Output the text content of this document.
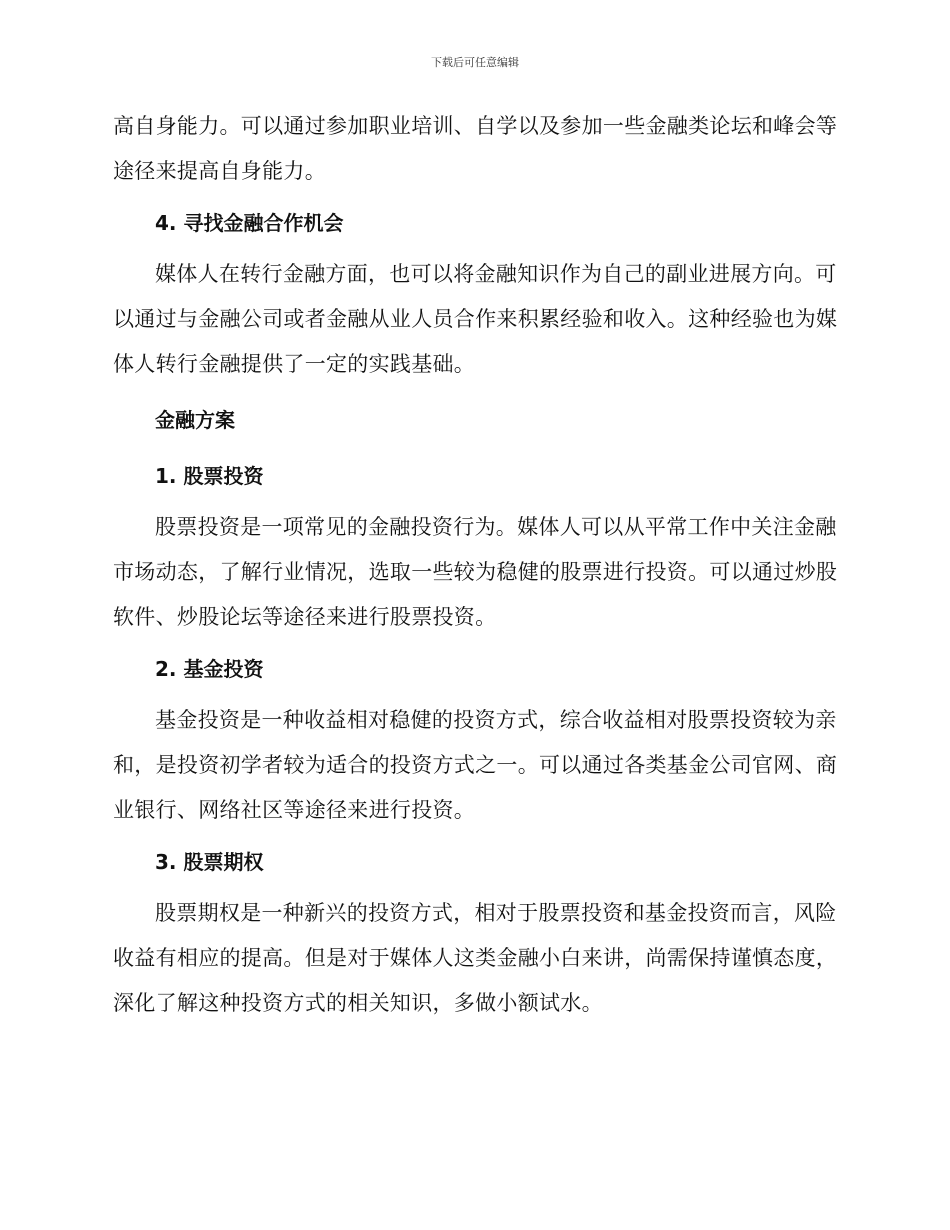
下载后可任意编辑

高自身能力。可以通过参加职业培训、自学以及参加一些金融类论坛和峰会等途径来提高自身能力。

4. 寻找金融合作机会

媒体人在转行金融方面，也可以将金融知识作为自己的副业进展方向。可以通过与金融公司或者金融从业人员合作来积累经验和收入。这种经验也为媒体人转行金融提供了一定的实践基础。

金融方案
1. 股票投资

股票投资是一项常见的金融投资行为。媒体人可以从平常工作中关注金融市场动态，了解行业情况，选取一些较为稳健的股票进行投资。可以通过炒股软件、炒股论坛等途径来进行股票投资。

2. 基金投资

基金投资是一种收益相对稳健的投资方式，综合收益相对股票投资较为亲和，是投资初学者较为适合的投资方式之一。可以通过各类基金公司官网、商业银行、网络社区等途径来进行投资。

3. 股票期权

股票期权是一种新兴的投资方式，相对于股票投资和基金投资而言，风险收益有相应的提高。但是对于媒体人这类金融小白来讲，尚需保持谨慎态度，深化了解这种投资方式的相关知识，多做小额试水。
